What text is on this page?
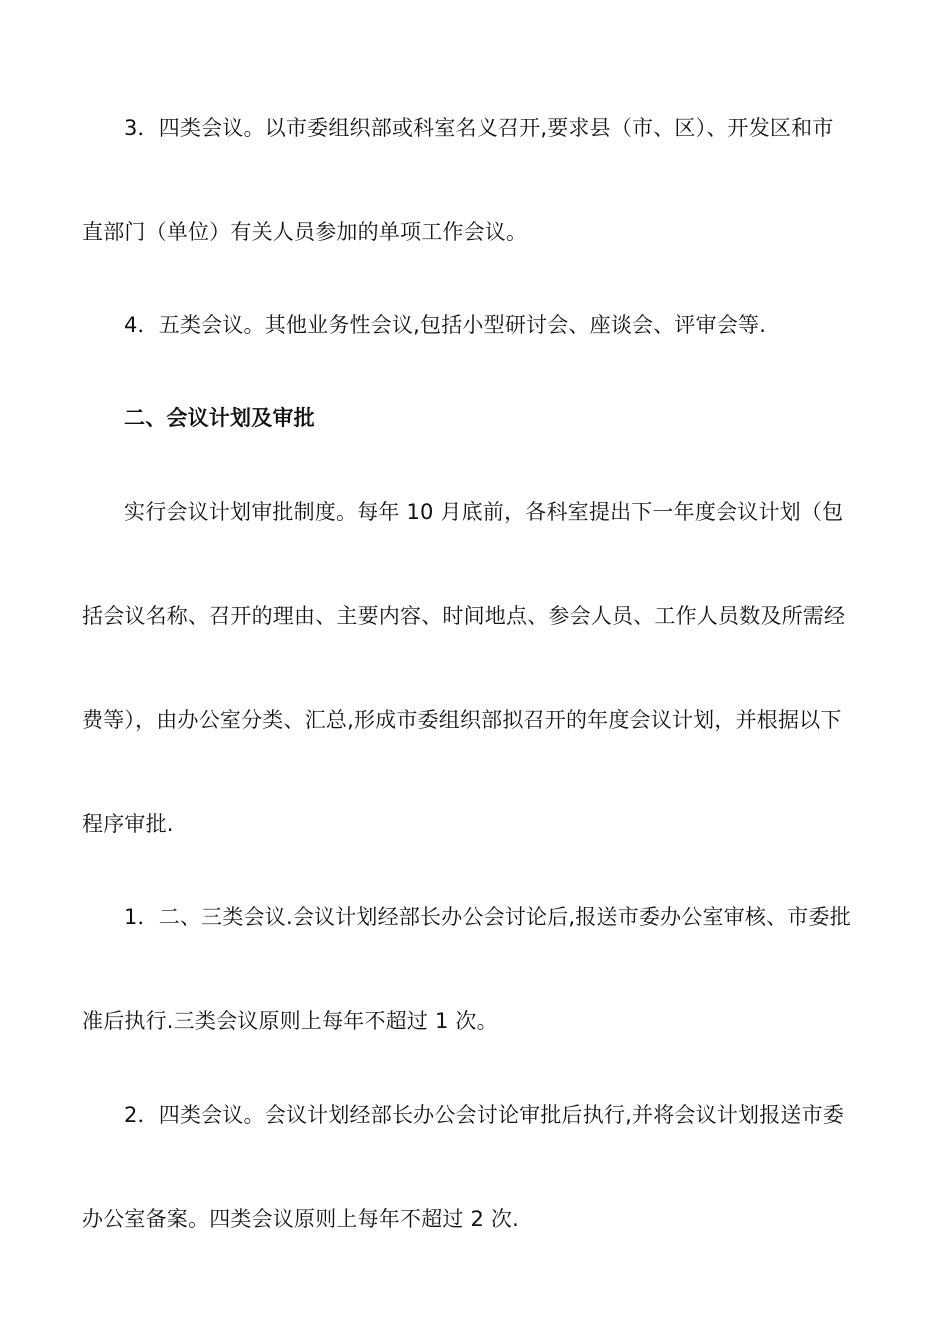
3．四类会议。以市委组织部或科室名义召开,要求县（市、区）、开发区和市
直部门（单位）有关人员参加的单项工作会议。
4．五类会议。其他业务性会议,包括小型研讨会、座谈会、评审会等.
二、会议计划及审批
实行会议计划审批制度。每年 10 月底前，各科室提出下一年度会议计划（包
括会议名称、召开的理由、主要内容、时间地点、参会人员、工作人员数及所需经
费等），由办公室分类、汇总,形成市委组织部拟召开的年度会议计划，并根据以下
程序审批.
1．二、三类会议.会议计划经部长办公会讨论后,报送市委办公室审核、市委批
准后执行.三类会议原则上每年不超过 1 次。
2．四类会议。会议计划经部长办公会讨论审批后执行,并将会议计划报送市委
办公室备案。四类会议原则上每年不超过 2 次.
